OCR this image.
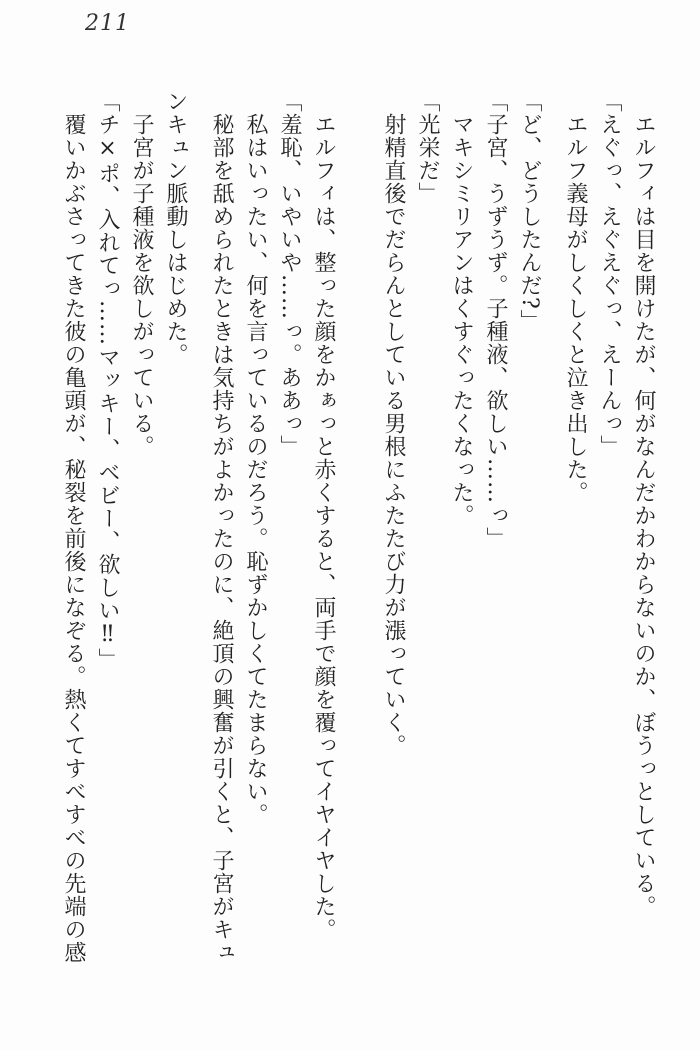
211

エルフィは目を開けたが、何がなんだかわからないのか、ぼうっとしている。

「えぐっ、えぐえぐっ、えーんっ」

エルフ義母がしくしくと泣き出した。

「ど、どうしたんだ?」

「子宮、うずうず。子種液、欲しい……っ」

マキシミリアンはくすぐったくなった。

「光栄だ」

射精直後でだらんとしている男根にふたたび力が漲っていく。

エルフィは、整った顔をかぁっと赤くすると、両手で顔を覆ってイヤイヤした。

「羞恥、いやいや……っ。ああっ」

私はいったい、何を言っているのだろう。恥ずかしくてたまらない。

秘部を舐められたときは気持ちがよかったのに、絶頂の興奮が引くと、子宮がキュ

ンキュン脈動しはじめた。

子宮が子種液を欲しがっている。

「チ×ポ、入れてっ……マッキー、ベビー、欲しい‼」

覆いかぶさってきた彼の亀頭が、秘裂を前後になぞる。熱くてすべすべの先端の感
